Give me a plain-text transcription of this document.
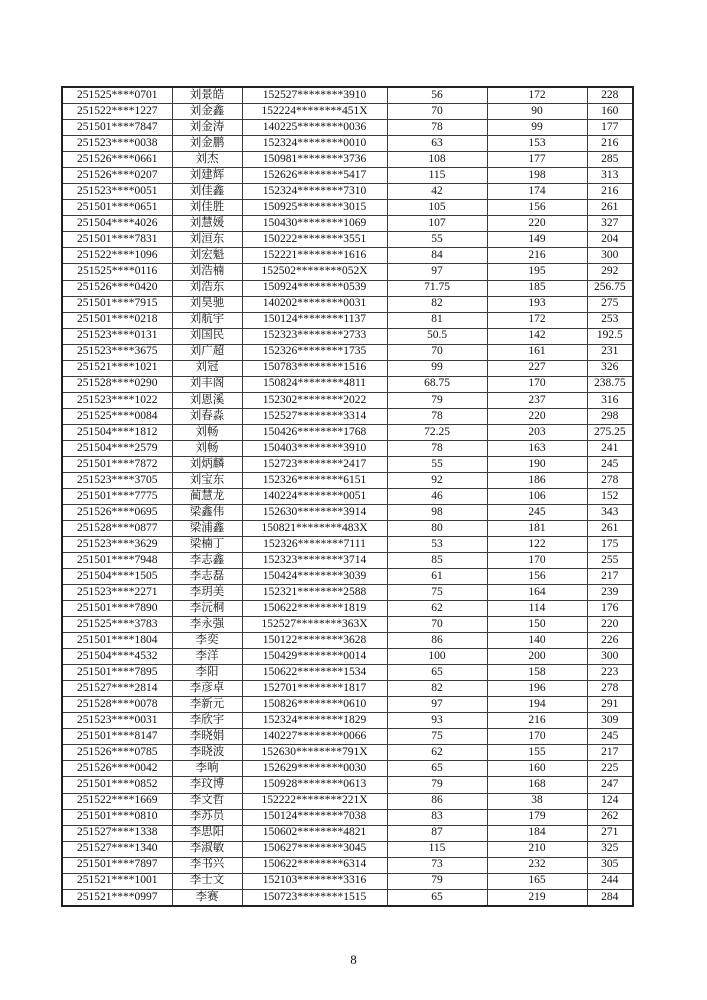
251525****0701	刘景皓	152527********3910	56	172	228
251522****1227	刘金鑫	152224********451X	70	90	160
251501****7847	刘金涛	140225********0036	78	99	177
251523****0038	刘金鹏	152324********0010	63	153	216
251526****0661	刘杰	150981********3736	108	177	285
251526****0207	刘建辉	152626********5417	115	198	313
251523****0051	刘佳鑫	152324********7310	42	174	216
251501****0651	刘佳胜	150925********3015	105	156	261
251504****4026	刘慧媛	150430********1069	107	220	327
251501****7831	刘洹东	150222********3551	55	149	204
251522****1096	刘宏魁	152221********1616	84	216	300
251525****0116	刘浩楠	152502********052X	97	195	292
251526****0420	刘浩东	150924********0539	71.75	185	256.75
251501****7915	刘昊驰	140202********0031	82	193	275
251501****0218	刘航宇	150124********1137	81	172	253
251523****0131	刘国民	152323********2733	50.5	142	192.5
251523****3675	刘广超	152326********1735	70	161	231
251521****1021	刘冠	150783********1516	99	227	326
251528****0290	刘丰阁	150824********4811	68.75	170	238.75
251523****1022	刘恩溪	152302********2022	79	237	316
251525****0084	刘春淼	152527********3314	78	220	298
251504****1812	刘畅	150426********1768	72.25	203	275.25
251504****2579	刘畅	150403********3910	78	163	241
251501****7872	刘炳麟	152723********2417	55	190	245
251523****3705	刘宝东	152326********6151	92	186	278
251501****7775	蔺慧龙	140224********0051	46	106	152
251526****0695	梁鑫伟	152630********3914	98	245	343
251528****0877	梁浦鑫	150821********483X	80	181	261
251523****3629	梁楠丁	152326********7111	53	122	175
251501****7948	李志鑫	152323********3714	85	170	255
251504****1505	李志磊	150424********3039	61	156	217
251523****2271	李玥美	152321********2588	75	164	239
251501****7890	李沅桐	150622********1819	62	114	176
251525****3783	李永强	152527********363X	70	150	220
251501****1804	李奕	150122********3628	86	140	226
251504****4532	李洋	150429********0014	100	200	300
251501****7895	李阳	150622********1534	65	158	223
251527****2814	李彦卓	152701********1817	82	196	278
251528****0078	李新元	150826********0610	97	194	291
251523****0031	李欣宇	152324********1829	93	216	309
251501****8147	李晓娟	140227********0066	75	170	245
251526****0785	李晓波	152630********791X	62	155	217
251526****0042	李响	152629********0030	65	160	225
251501****0852	李玟博	150928********0613	79	168	247
251522****1669	李文哲	152222********221X	86	38	124
251501****0810	李苏员	150124********7038	83	179	262
251527****1338	李思阳	150602********4821	87	184	271
251527****1340	李淑敏	150627********3045	115	210	325
251501****7897	李书兴	150622********6314	73	232	305
251521****1001	李士文	152103********3316	79	165	244
251521****0997	李赛	150723********1515	65	219	284
8
